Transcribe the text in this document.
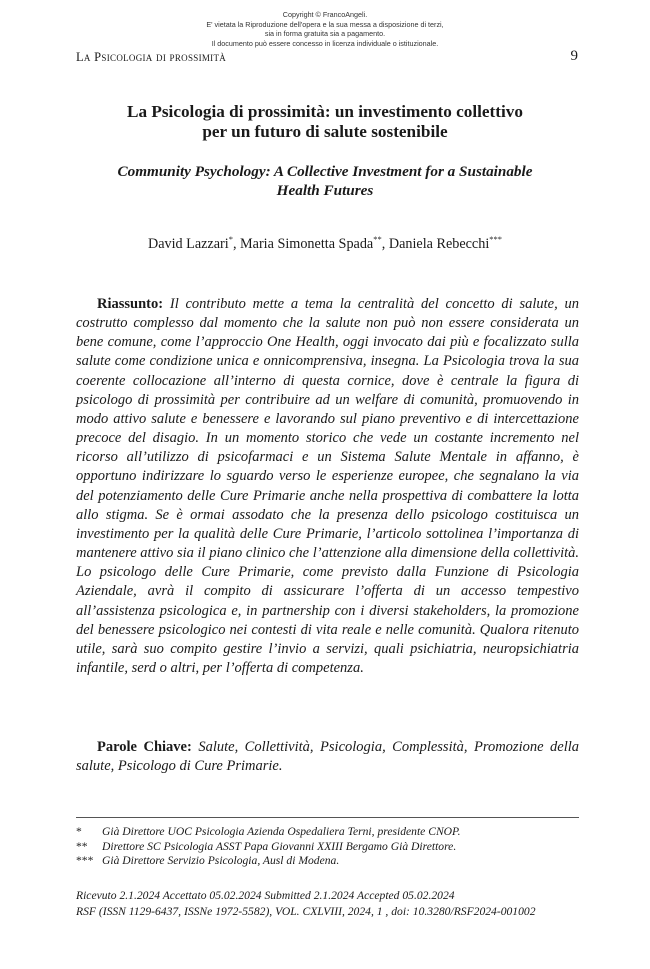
Copyright © FrancoAngeli.
E' vietata la Riproduzione dell'opera e la sua messa a disposizione di terzi,
sia in forma gratuita sia a pagamento.
Il documento può essere concesso in licenza individuale o istituzionale.
La Psicologia di prossimità	9
La Psicologia di prossimità: un investimento collettivo
per un futuro di salute sostenibile
Community Psychology: A Collective Investment for a Sustainable
Health Futures
David Lazzari*, Maria Simonetta Spada**, Daniela Rebecchi***

Riassunto: Il contributo mette a tema la centralità del concetto di salute, un costrutto complesso dal momento che la salute non può non essere considerata un bene comune, come l’approccio One Health, oggi invocato dai più e focalizzato sulla salute come condizione unica e onnicomprensiva, insegna. La Psicologia trova la sua coerente collocazione all’interno di questa cornice, dove è centrale la figura di psicologo di prossimità per contribuire ad un welfare di comunità, promuovendo in modo attivo salute e benessere e lavorando sul piano preventivo e di intercettazione precoce del disagio. In un momento storico che vede un costante incremento nel ricorso all’utilizzo di psicofarmaci e un Sistema Salute Mentale in affanno, è opportuno indirizzare lo sguardo verso le esperienze europee, che segnalano la via del potenziamento delle Cure Primarie anche nella prospettiva di combattere la lotta allo stigma. Se è ormai assodato che la presenza dello psicologo costituisca un investimento per la qualità delle Cure Primarie, l’articolo sottolinea l’importanza di mantenere attivo sia il piano clinico che l’attenzione alla dimensione della collettività. Lo psicologo delle Cure Primarie, come previsto dalla Funzione di Psicologia Aziendale, avrà il compito di assicurare l’offerta di un accesso tempestivo all’assistenza psicologica e, in partnership con i diversi stakeholders, la promozione del benessere psicologico nei contesti di vita reale e nelle comunità. Qualora ritenuto utile, sarà suo compito gestire l’invio a servizi, quali psichiatria, neuropsichiatria infantile, serd o altri, per l’offerta di competenza.

Parole Chiave: Salute, Collettività, Psicologia, Complessità, Promozione della salute, Psicologo di Cure Primarie.

* Già Direttore UOC Psicologia Azienda Ospedaliera Terni, presidente CNOP.
** Direttore SC Psicologia ASST Papa Giovanni XXIII Bergamo Già Direttore.
*** Già Direttore Servizio Psicologia, Ausl di Modena.
Ricevuto 2.1.2024 Accettato 05.02.2024 Submitted 2.1.2024 Accepted 05.02.2024
RSF (ISSN 1129-6437, ISSNe 1972-5582), VOL. CXLVIII, 2024, 1 , doi: 10.3280/RSF2024-001002
